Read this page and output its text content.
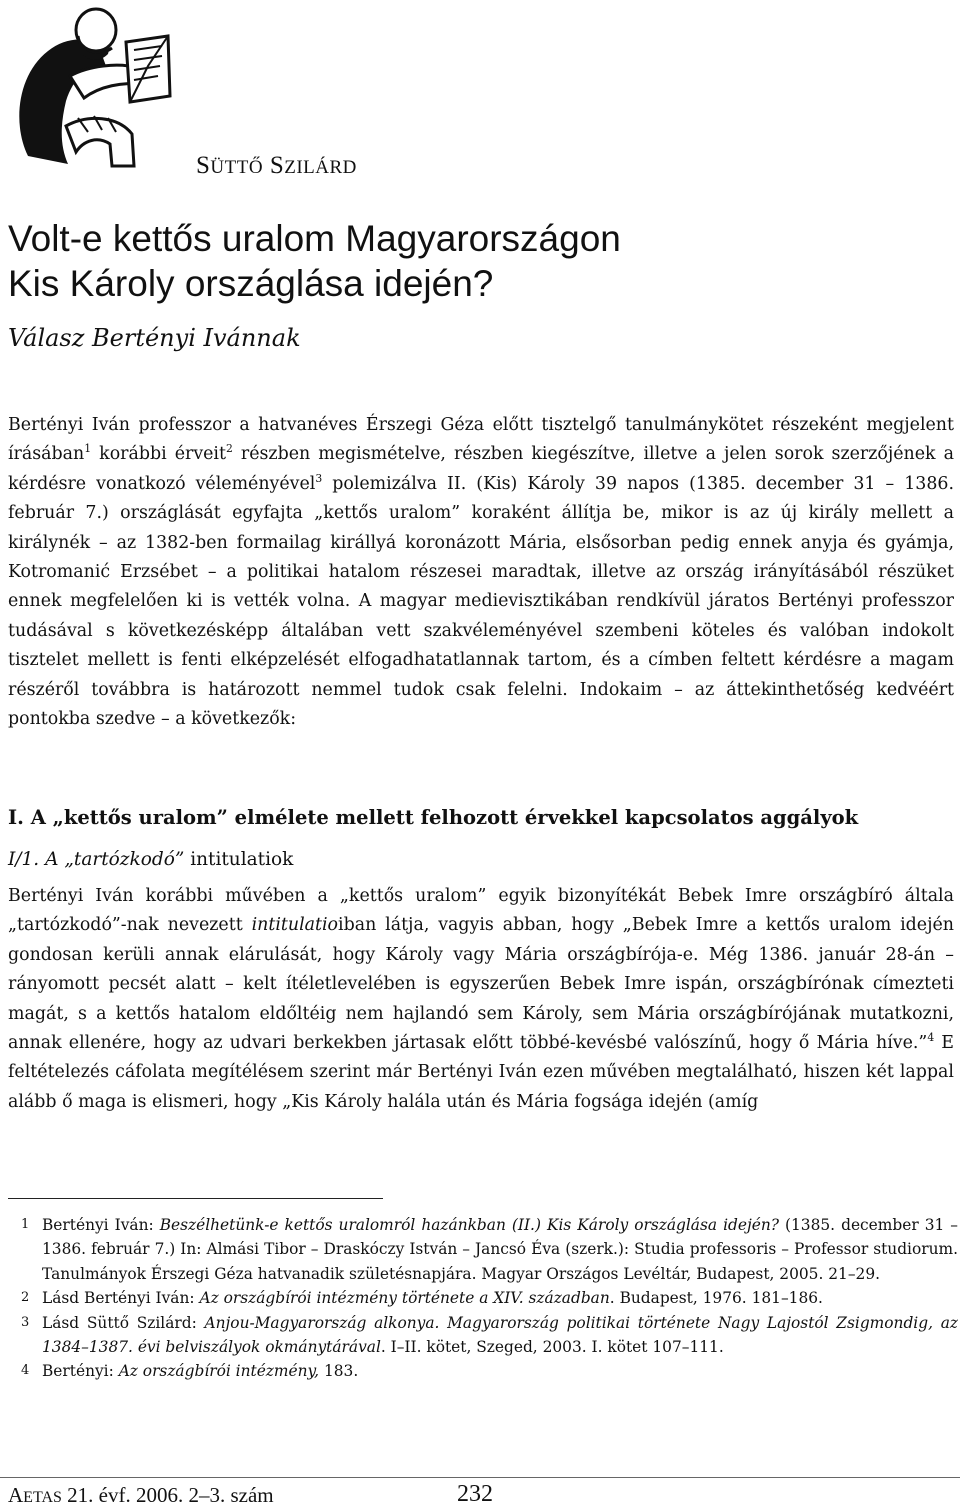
SÜTTŐ SZILÁRD
Volt-e kettős uralom Magyarországon
Kis Károly országlása idején?
Válasz Bertényi Ivánnak

Bertényi Iván professzor a hatvanéves Érszegi Géza előtt tisztelgő tanulmánykötet részeként megjelent írásában$^1$ korábbi érveit$^2$ részben megismételve, részben kiegészítve, illetve a jelen sorok szerzőjének a kérdésre vonatkozó véleményével$^3$ polemizálva II. (Kis) Károly 39 napos (1385. december 31 – 1386. február 7.) országlását egyfajta „kettős uralom” koraként állítja be, mikor is az új király mellett a királynék – az 1382-ben formailag királlyá koronázott Mária, elsősorban pedig ennek anyja és gyámja, Kotromanić Erzsébet – a politikai hatalom részesei maradtak, illetve az ország irányításából részüket ennek megfelelően ki is vették volna. A magyar medievisztikában rendkívül járatos Bertényi professzor tudásával s következésképp általában vett szakvéleményével szembeni köteles és valóban indokolt tisztelet mellett is fenti elképzelését elfogadhatatlannak tartom, és a címben feltett kérdésre a magam részéről továbbra is határozott nemmel tudok csak felelni. Indokaim – az áttekinthetőség kedvéért pontokba szedve – a következők:

I. A „kettős uralom” elmélete mellett felhozott érvekkel kapcsolatos aggályok
I/1. A „tartózkodó” intitulatiok

Bertényi Iván korábbi művében a „kettős uralom” egyik bizonyítékát Bebek Imre országbíró általa „tartózkodó”-nak nevezett intitulatioiban látja, vagyis abban, hogy „Bebek Imre a kettős uralom idején gondosan kerüli annak elárulását, hogy Károly vagy Mária országbírója-e. Még 1386. január 28-án – rányomott pecsét alatt – kelt ítéletlevelében is egyszerűen Bebek Imre ispán, országbírónak címezteti magát, s a kettős hatalom eldőltéig nem hajlandó sem Károly, sem Mária országbírójának mutatkozni, annak ellenére, hogy az udvari berkekben jártasak előtt többé-kevésbé valószínű, hogy ő Mária híve.”$^4$ E feltételezés cáfolata megítélésem szerint már Bertényi Iván ezen művében megtalálható, hiszen két lappal alább ő maga is elismeri, hogy „Kis Károly halála után és Mária fogsága idején (amíg

1 Bertényi Iván: Beszélhetünk-e kettős uralomról hazánkban (II.) Kis Károly országlása idején? (1385. december 31 – 1386. február 7.) In: Almási Tibor – Draskóczy István – Jancsó Éva (szerk.): Studia professoris – Professor studiorum. Tanulmányok Érszegi Géza hatvanadik születésnapjára. Magyar Országos Levéltár, Budapest, 2005. 21–29.
2 Lásd Bertényi Iván: Az országbírói intézmény története a XIV. században. Budapest, 1976. 181–186.
3 Lásd Süttő Szilárd: Anjou-Magyarország alkonya. Magyarország politikai története Nagy Lajostól Zsigmondig, az 1384–1387. évi belviszályok okmánytárával. I–II. kötet, Szeged, 2003. I. kötet 107–111.
4 Bertényi: Az országbírói intézmény, 183.
AETAS 21. évf. 2006. 2–3. szám	232
